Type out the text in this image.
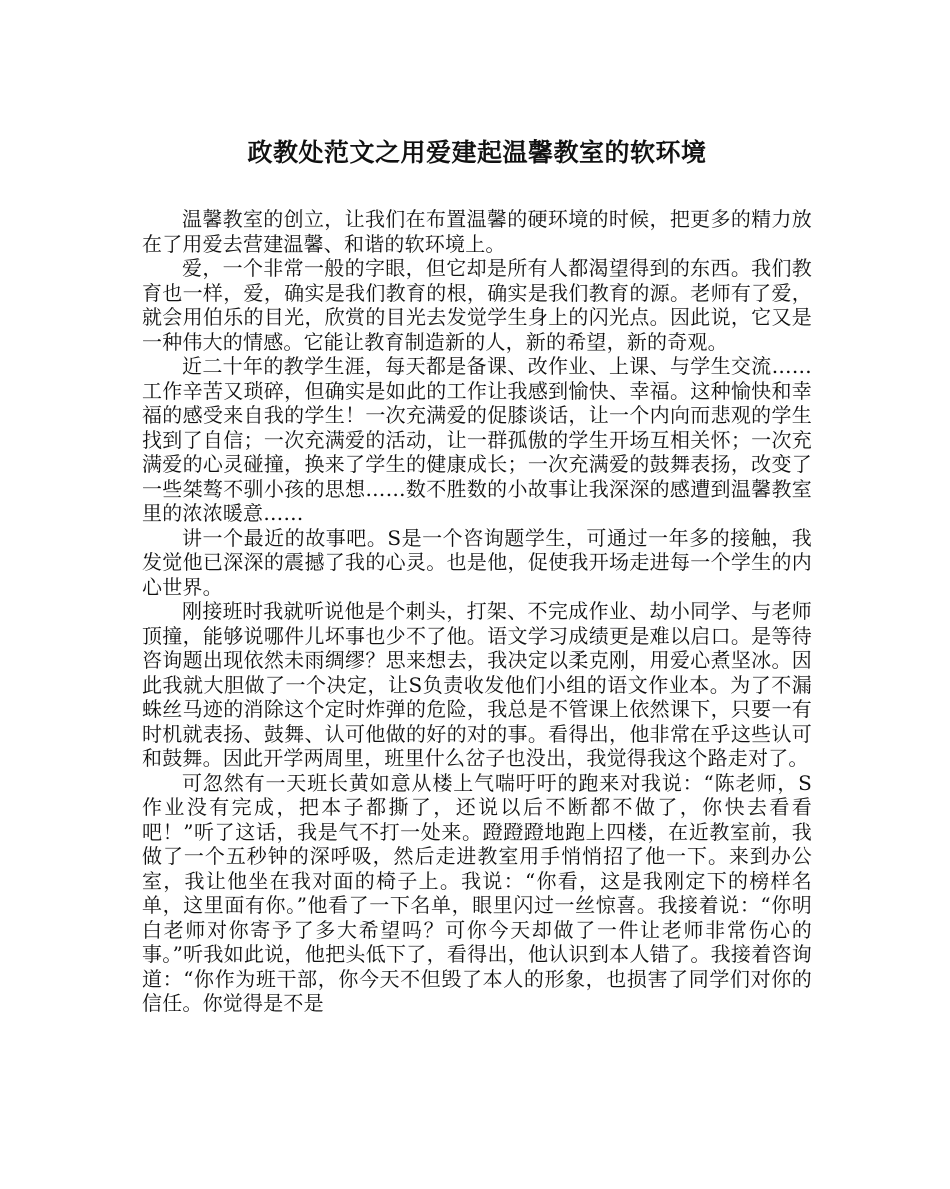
政教处范文之用爱建起温馨教室的软环境

温馨教室的创立，让我们在布置温馨的硬环境的时候，把更多的精力放在了用爱去营建温馨、和谐的软环境上。

爱，一个非常一般的字眼，但它却是所有人都渴望得到的东西。我们教育也一样，爱，确实是我们教育的根，确实是我们教育的源。老师有了爱，就会用伯乐的目光，欣赏的目光去发觉学生身上的闪光点。因此说，它又是一种伟大的情感。它能让教育制造新的人，新的希望，新的奇观。

近二十年的教学生涯，每天都是备课、改作业、上课、与学生交流……工作辛苦又琐碎，但确实是如此的工作让我感到愉快、幸福。这种愉快和幸福的感受来自我的学生！一次充满爱的促膝谈话，让一个内向而悲观的学生找到了自信；一次充满爱的活动，让一群孤傲的学生开场互相关怀；一次充满爱的心灵碰撞，换来了学生的健康成长；一次充满爱的鼓舞表扬，改变了一些桀骜不驯小孩的思想……数不胜数的小故事让我深深的感遭到温馨教室里的浓浓暖意……

讲一个最近的故事吧。S是一个咨询题学生，可通过一年多的接触，我发觉他已深深的震撼了我的心灵。也是他，促使我开场走进每一个学生的内心世界。

刚接班时我就听说他是个刺头，打架、不完成作业、劫小同学、与老师顶撞，能够说哪件儿坏事也少不了他。语文学习成绩更是难以启口。是等待咨询题出现依然未雨绸缪？思来想去，我决定以柔克刚，用爱心煮坚冰。因此我就大胆做了一个决定，让S负责收发他们小组的语文作业本。为了不漏蛛丝马迹的消除这个定时炸弹的危险，我总是不管课上依然课下，只要一有时机就表扬、鼓舞、认可他做的好的对的事。看得出，他非常在乎这些认可和鼓舞。因此开学两周里，班里什么岔子也没出，我觉得我这个路走对了。

可忽然有一天班长黄如意从楼上气喘吁吁的跑来对我说：“陈老师，S作业没有完成，把本子都撕了，还说以后不断都不做了，你快去看看吧！”听了这话，我是气不打一处来。蹬蹬蹬地跑上四楼，在近教室前，我做了一个五秒钟的深呼吸，然后走进教室用手悄悄招了他一下。来到办公室，我让他坐在我对面的椅子上。我说：“你看，这是我刚定下的榜样名单，这里面有你。”他看了一下名单，眼里闪过一丝惊喜。我接着说：“你明白老师对你寄予了多大希望吗？可你今天却做了一件让老师非常伤心的事。”听我如此说，他把头低下了，看得出，他认识到本人错了。我接着咨询道：“你作为班干部，你今天不但毁了本人的形象，也损害了同学们对你的信任。你觉得是不是
